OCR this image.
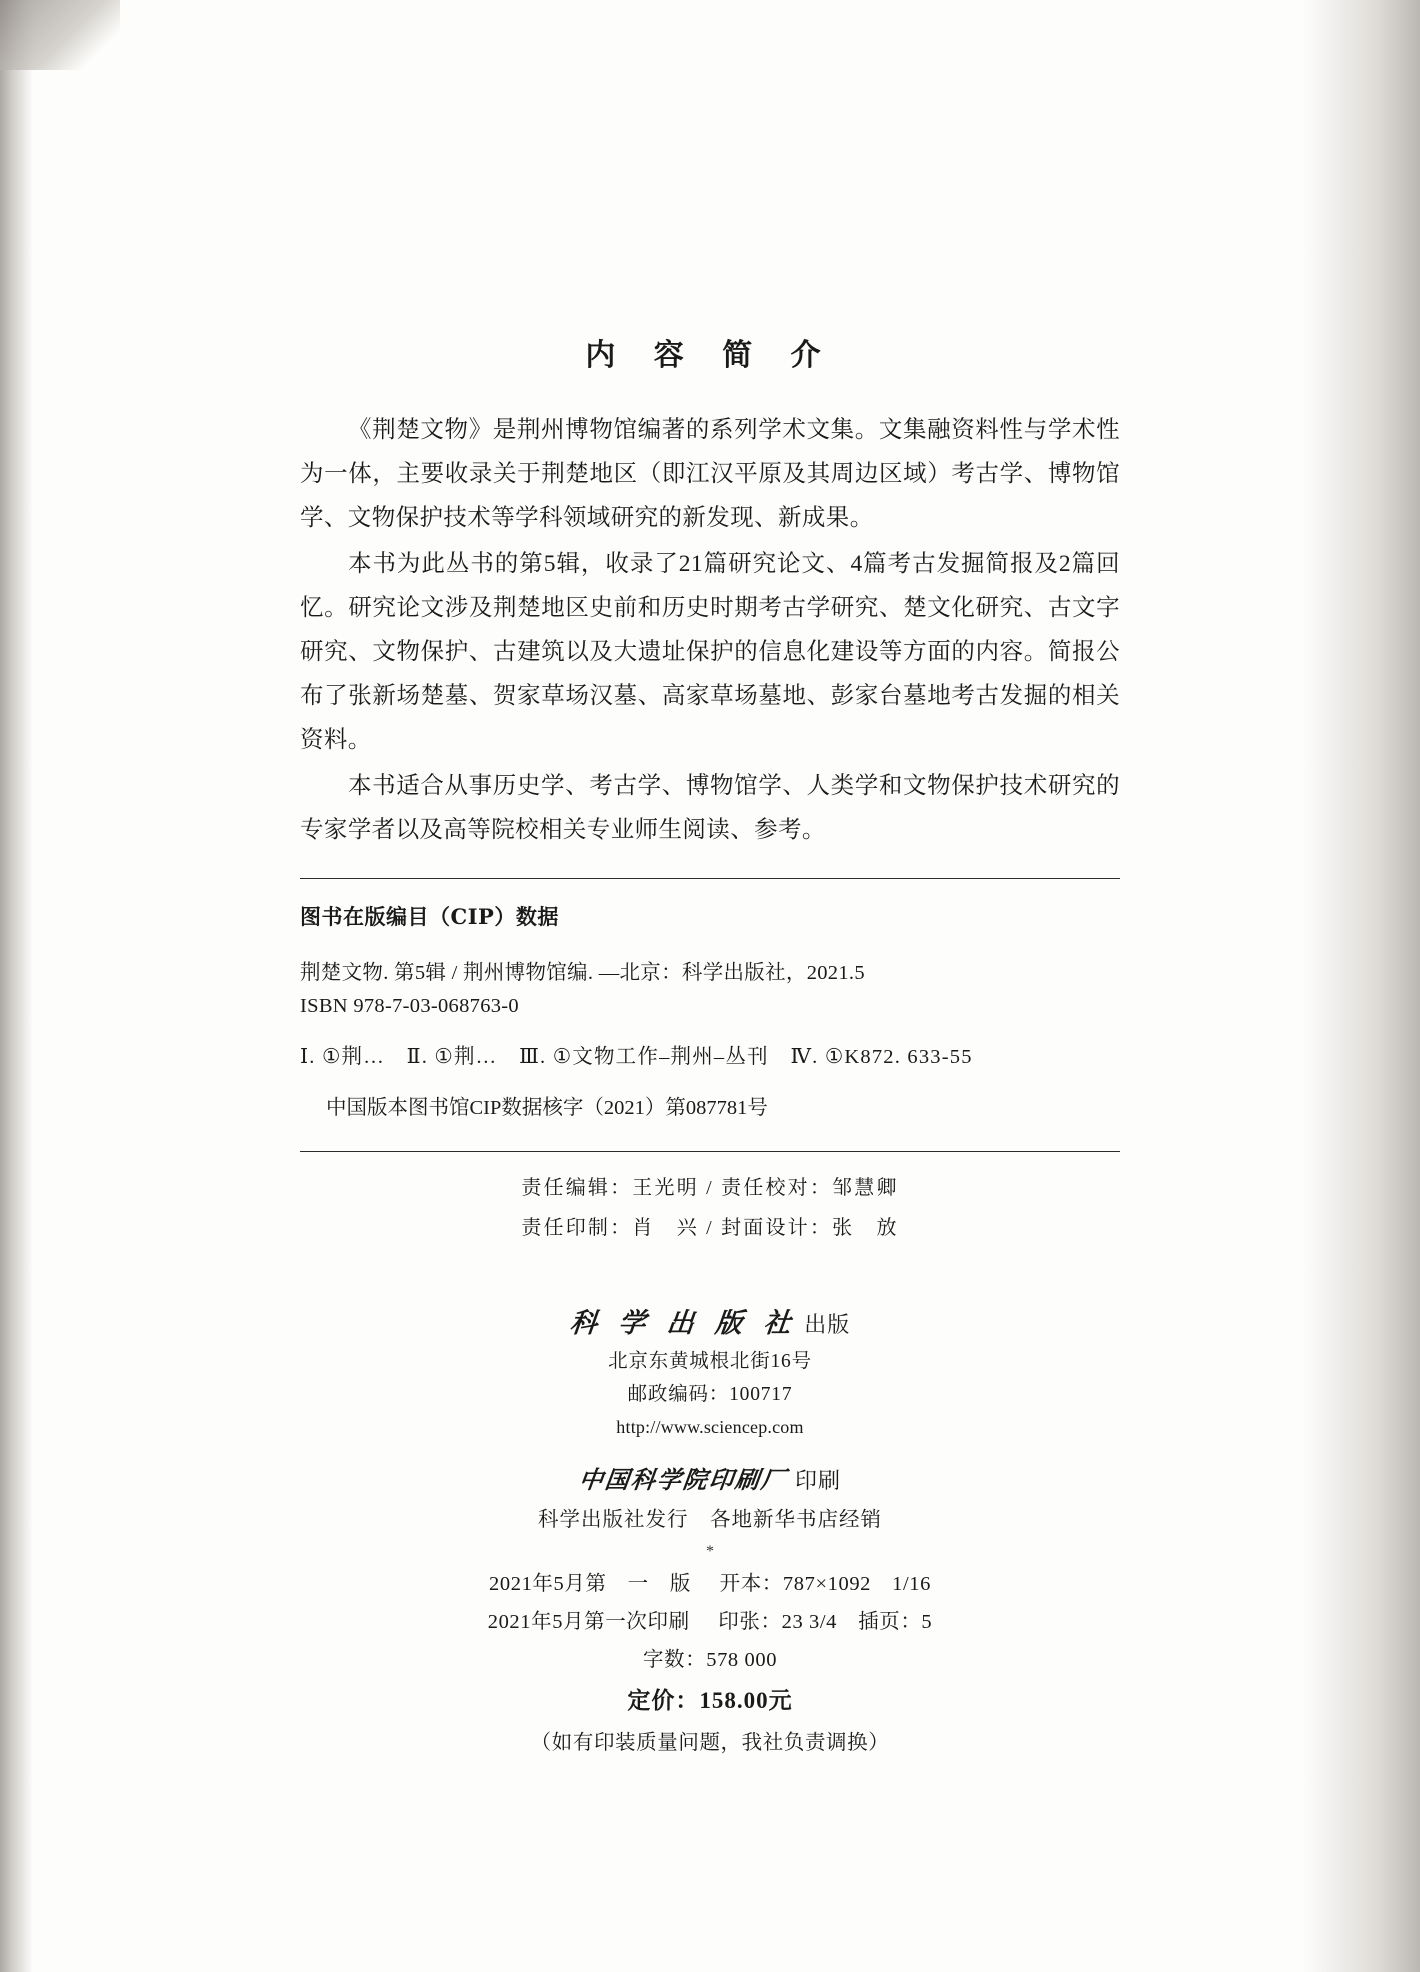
内 容 简 介

《荆楚文物》是荆州博物馆编著的系列学术文集。文集融资料性与学术性为一体，主要收录关于荆楚地区（即江汉平原及其周边区域）考古学、博物馆学、文物保护技术等学科领域研究的新发现、新成果。

本书为此丛书的第5辑，收录了21篇研究论文、4篇考古发掘简报及2篇回忆。研究论文涉及荆楚地区史前和历史时期考古学研究、楚文化研究、古文字研究、文物保护、古建筑以及大遗址保护的信息化建设等方面的内容。简报公布了张新场楚墓、贺家草场汉墓、高家草场墓地、彭家台墓地考古发掘的相关资料。

本书适合从事历史学、考古学、博物馆学、人类学和文物保护技术研究的专家学者以及高等院校相关专业师生阅读、参考。

图书在版编目（CIP）数据

荆楚文物. 第5辑 / 荆州博物馆编. —北京：科学出版社，2021.5

ISBN 978-7-03-068763-0

Ⅰ. ①荆…　Ⅱ. ①荆…　Ⅲ. ①文物工作–荆州–丛刊　Ⅳ. ①K872. 633-55

中国版本图书馆CIP数据核字（2021）第087781号

责任编辑：王光明 / 责任校对：邹慧卿

责任印制：肖　兴 / 封面设计：张　放

科 学 出 版 社 出版
北京东黄城根北街16号
邮政编码：100717
http://www.sciencep.com
中国科学院印刷厂 印刷
科学出版社发行　各地新华书店经销
*
2021年5月第　一　版 开本：787×1092　1/16
2021年5月第一次印刷 印张：23 3/4　插页：5
字数：578 000
定价：158.00元
（如有印装质量问题，我社负责调换）
